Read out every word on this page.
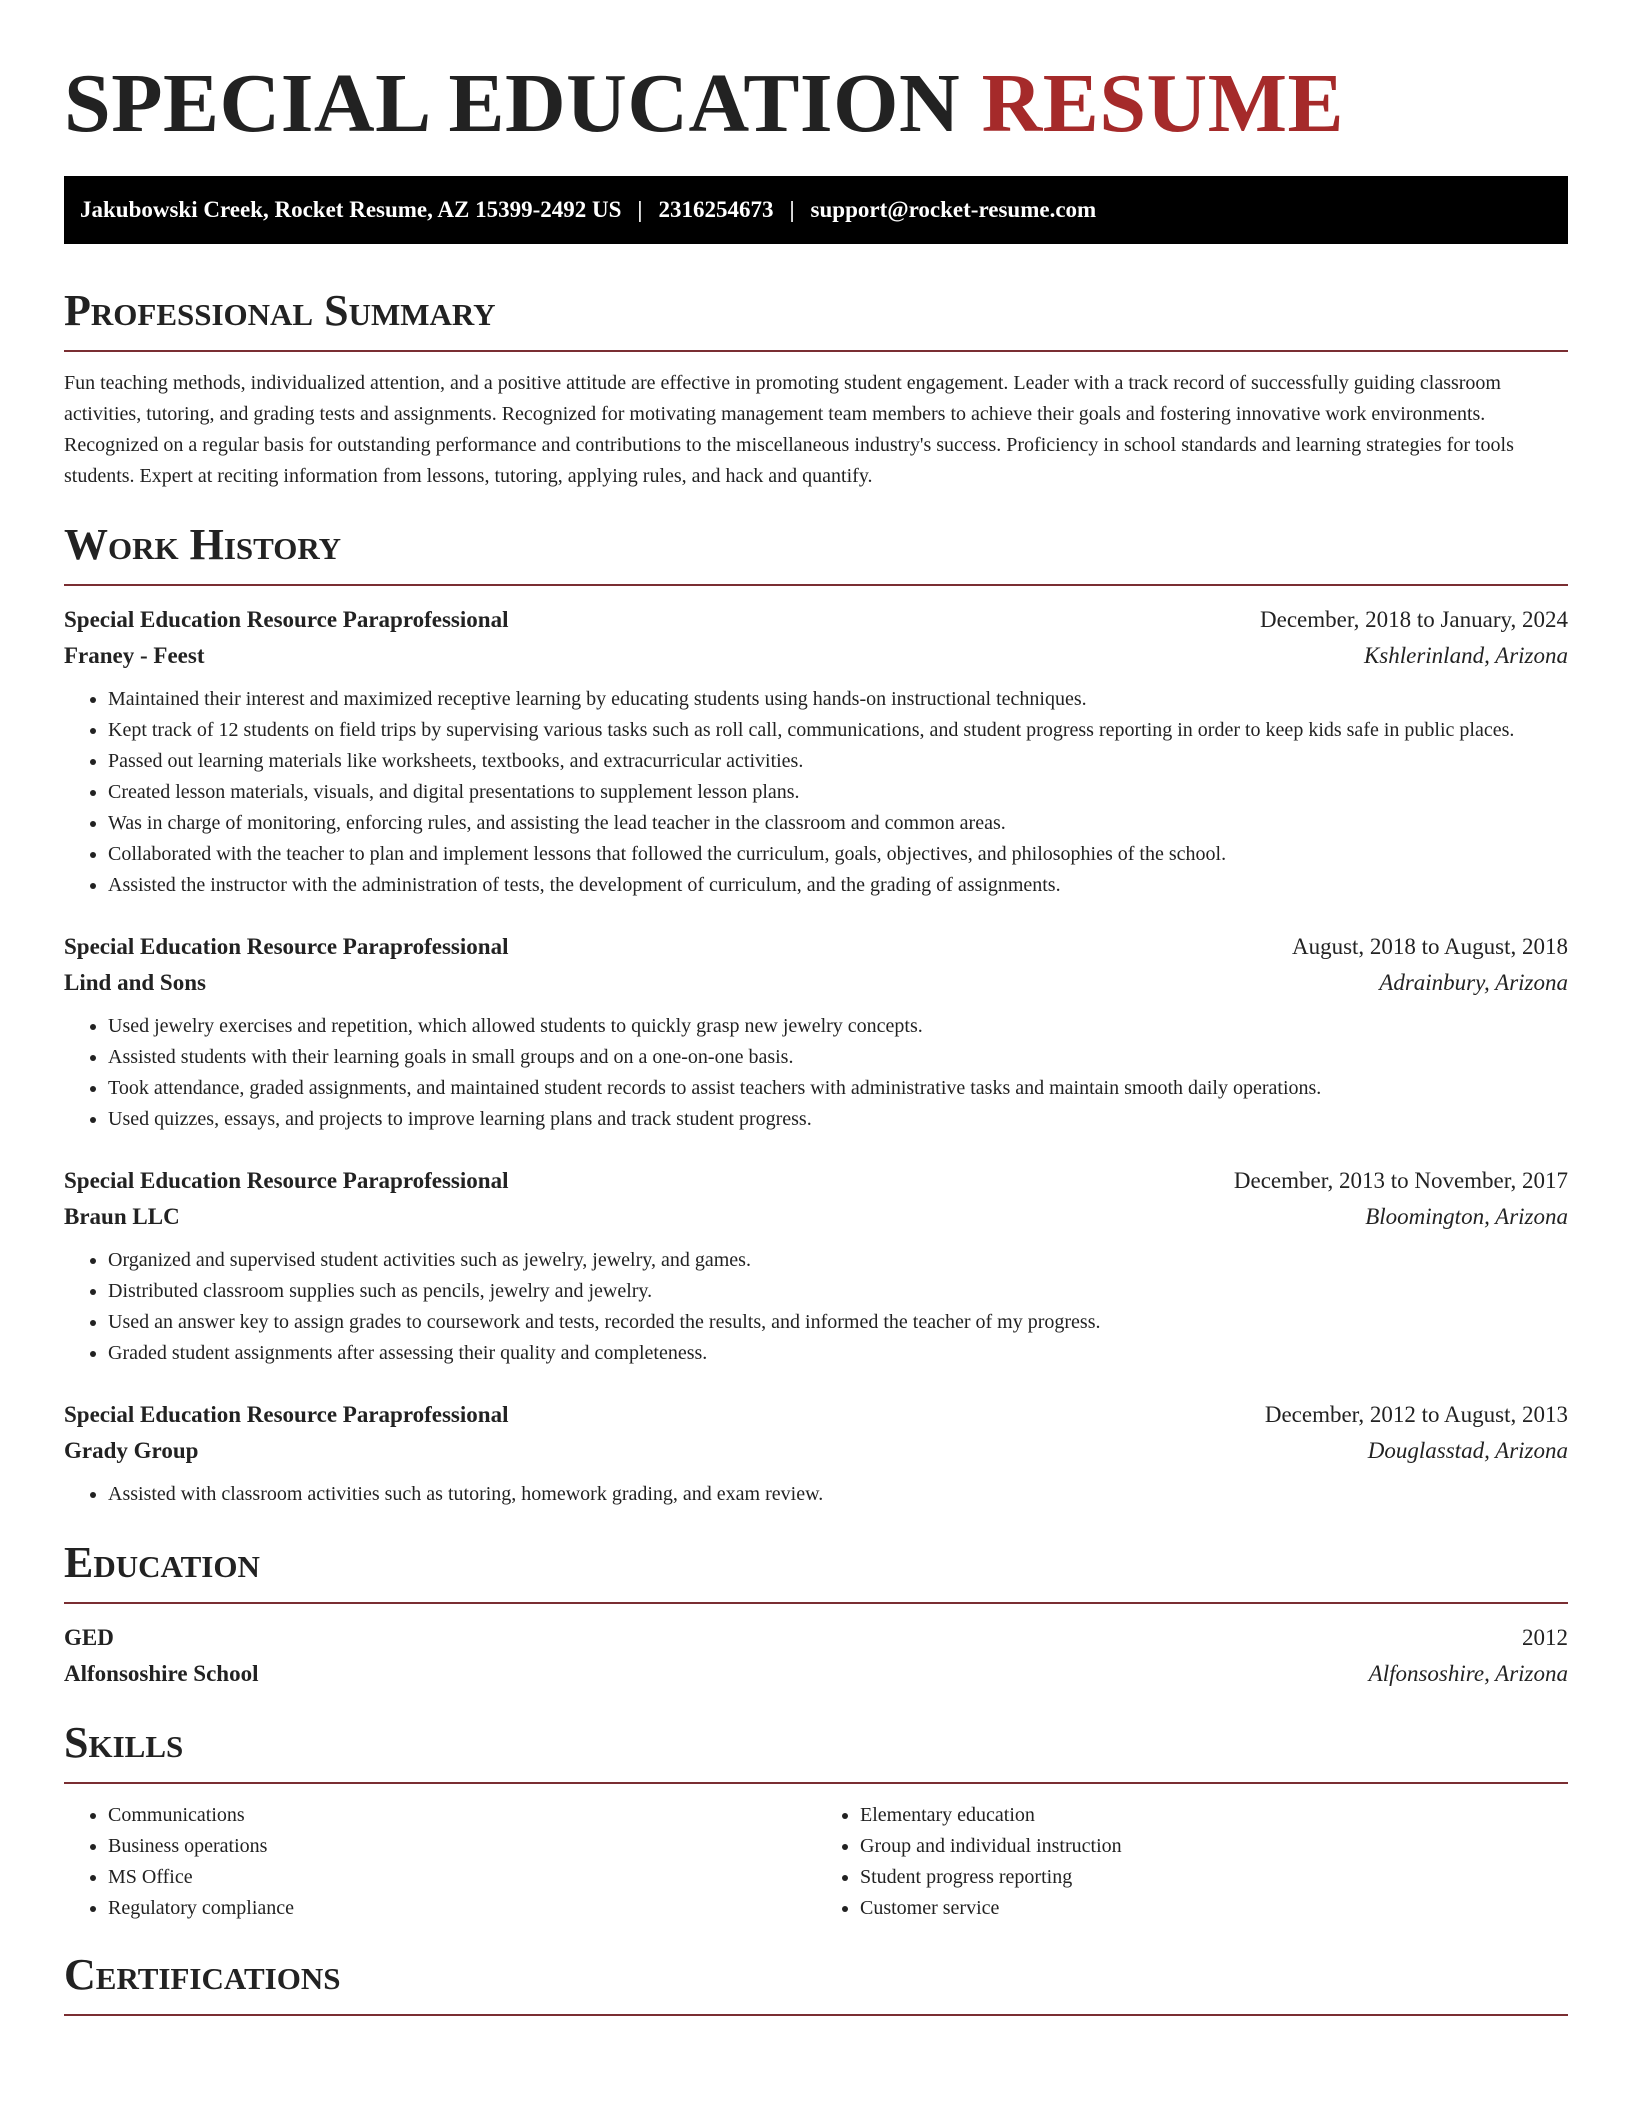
SPECIAL EDUCATION RESUME
Jakubowski Creek, Rocket Resume, AZ 15399-2492 US | 2316254673 | support@rocket-resume.com
Professional Summary

Fun teaching methods, individualized attention, and a positive attitude are effective in promoting student engagement. Leader with a track record of successfully guiding classroom activities, tutoring, and grading tests and assignments. Recognized for motivating management team members to achieve their goals and fostering innovative work environments. Recognized on a regular basis for outstanding performance and contributions to the miscellaneous industry's success. Proficiency in school standards and learning strategies for tools students. Expert at reciting information from lessons, tutoring, applying rules, and hack and quantify.

Work History
Special Education Resource Paraprofessional	December, 2018 to January, 2024
Franey - Feest	Kshlerinland, Arizona
• Maintained their interest and maximized receptive learning by educating students using hands-on instructional techniques.
• Kept track of 12 students on field trips by supervising various tasks such as roll call, communications, and student progress reporting in order to keep kids safe in public places.
• Passed out learning materials like worksheets, textbooks, and extracurricular activities.
• Created lesson materials, visuals, and digital presentations to supplement lesson plans.
• Was in charge of monitoring, enforcing rules, and assisting the lead teacher in the classroom and common areas.
• Collaborated with the teacher to plan and implement lessons that followed the curriculum, goals, objectives, and philosophies of the school.
• Assisted the instructor with the administration of tests, the development of curriculum, and the grading of assignments.
Special Education Resource Paraprofessional	August, 2018 to August, 2018
Lind and Sons	Adrainbury, Arizona
• Used jewelry exercises and repetition, which allowed students to quickly grasp new jewelry concepts.
• Assisted students with their learning goals in small groups and on a one-on-one basis.
• Took attendance, graded assignments, and maintained student records to assist teachers with administrative tasks and maintain smooth daily operations.
• Used quizzes, essays, and projects to improve learning plans and track student progress.
Special Education Resource Paraprofessional	December, 2013 to November, 2017
Braun LLC	Bloomington, Arizona
• Organized and supervised student activities such as jewelry, jewelry, and games.
• Distributed classroom supplies such as pencils, jewelry and jewelry.
• Used an answer key to assign grades to coursework and tests, recorded the results, and informed the teacher of my progress.
• Graded student assignments after assessing their quality and completeness.
Special Education Resource Paraprofessional	December, 2012 to August, 2013
Grady Group	Douglasstad, Arizona
• Assisted with classroom activities such as tutoring, homework grading, and exam review.
Education
GED	2012
Alfonsoshire School	Alfonsoshire, Arizona
Skills
• Communications
• Business operations
• MS Office
• Regulatory compliance
• Elementary education
• Group and individual instruction
• Student progress reporting
• Customer service
Certifications
